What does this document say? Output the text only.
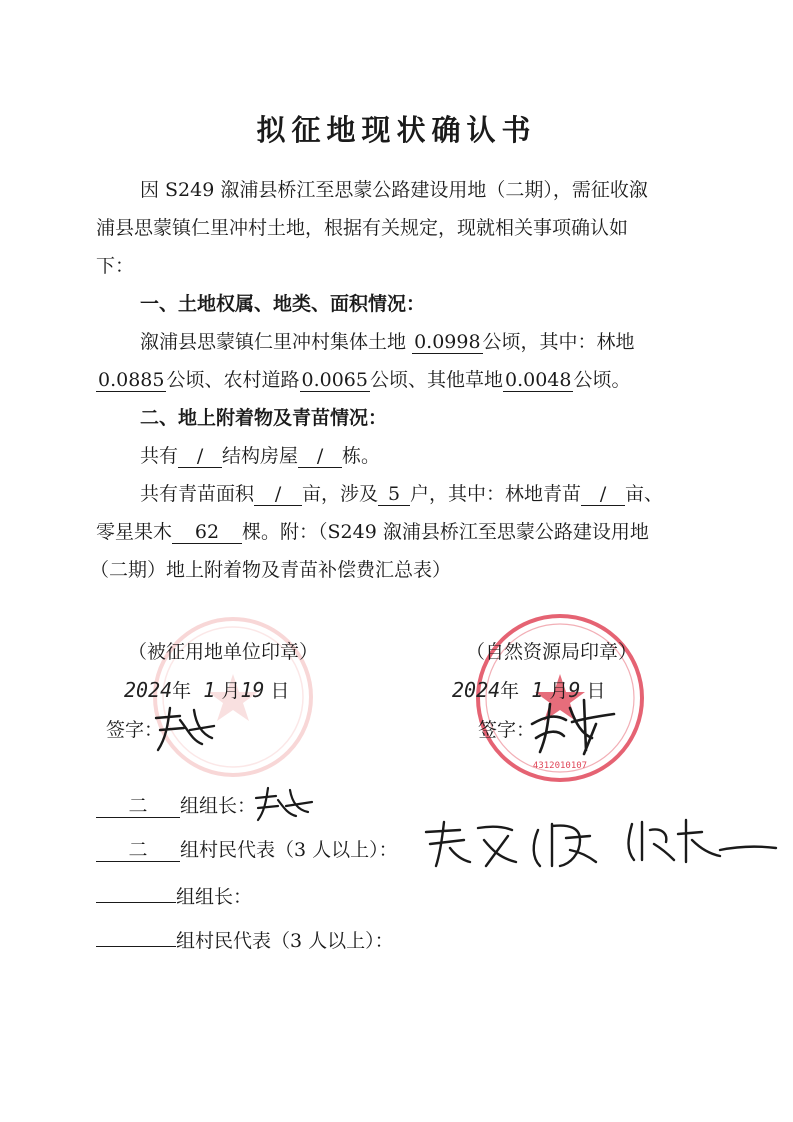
拟征地现状确认书
因 S249 溆浦县桥江至思蒙公路建设用地（二期），需征收溆
浦县思蒙镇仁里冲村土地，根据有关规定，现就相关事项确认如
下：
一、土地权属、地类、面积情况：
溆浦县思蒙镇仁里冲村集体土地 0.0998 公顷，其中：林地
0.0885 公顷、农村道路 0.0065 公顷、其他草地 0.0048 公顷。
二、地上附着物及青苗情况：
共有 / 结构房屋 / 栋。
共有青苗面积 / 亩，涉及 5 户，其中：林地青苗 / 亩、
零星果木 62 棵。附：（S249 溆浦县桥江至思蒙公路建设用地
（二期）地上附着物及青苗补偿费汇总表）
4312010107
（被征用地单位印章）	（自然资源局印章）
2024年 1 月19 日	2024年 1 月9 日
签字：	签字：
二 组组长：
二 组村民代表（3 人以上）：
组组长：
组村民代表（3 人以上）：
